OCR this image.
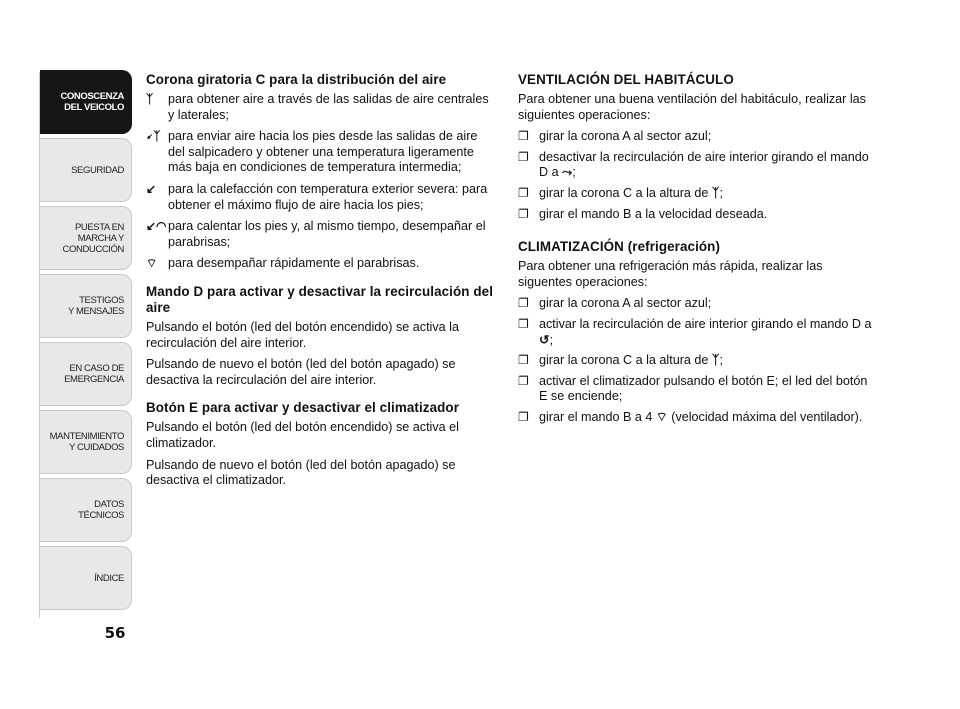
CONOSCENZA
DEL VEICOLO
SEGURIDAD
PUESTA EN
MARCHA Y
CONDUCCIÓN
TESTIGOS
Y MENSAJES
EN CASO DE
EMERGENCIA
MANTENIMIENTO
Y CUIDADOS
DATOS
TÉCNICOS
ÍNDICE
56
Corona giratoria C para la distribución del aire
ᛉ	para obtener aire a través de las salidas de aire centrales y laterales;
↙ᛉ para enviar aire hacia los pies desde las salidas de aire del salpicadero y obtener una temperatura ligeramente más baja en condiciones de temperatura intermedia;
↙ para la calefacción con temperatura exterior severa: para obtener el máximo flujo de aire hacia los pies;
↙◠ para calentar los pies y, al mismo tiempo, desempañar el parabrisas;
⌔ para desempañar rápidamente el parabrisas.
Mando D para activar y desactivar la recirculación del aire

Pulsando el botón (led del botón encendido) se activa la recirculación del aire interior.

Pulsando de nuevo el botón (led del botón apagado) se desactiva la recirculación del aire interior.

Botón E para activar y desactivar el climatizador

Pulsando el botón (led del botón encendido) se activa el climatizador.

Pulsando de nuevo el botón (led del botón apagado) se desactiva el climatizador.

VENTILACIÓN DEL HABITÁCULO

Para obtener una buena ventilación del habitáculo, realizar las siguientes operaciones:

❐ girar la corona A al sector azul;
❐ desactivar la recirculación de aire interior girando el mando D a ⤳;
❐ girar la corona C a la altura de ᛉ;
❐ girar el mando B a la velocidad deseada.
CLIMATIZACIÓN (refrigeración)

Para obtener una refrigeración más rápida, realizar las siguentes operaciones:

❐ girar la corona A al sector azul;
❐ activar la recirculación de aire interior girando el mando D a ↺;
❐ girar la corona C a la altura de ᛉ;
❐ activar el climatizador pulsando el botón E; el led del botón E se enciende;
❐ girar el mando B a 4 ⌔ (velocidad máxima del ventilador).
